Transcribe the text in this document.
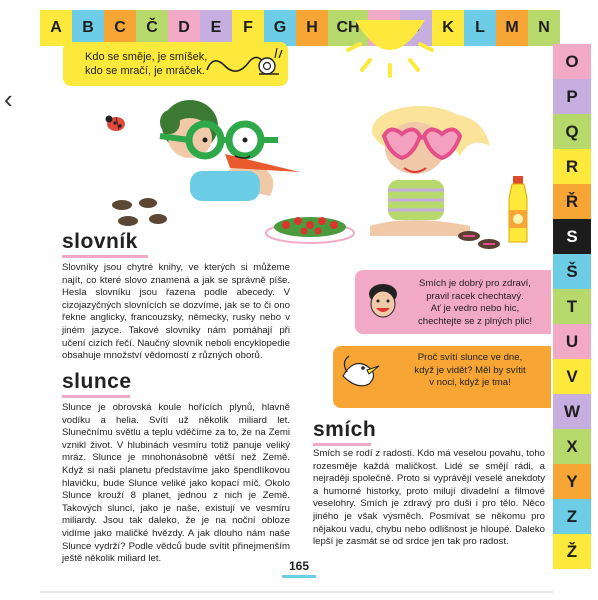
A	B	C	Č	D	E	F	G	H	CH	K	L	M	N
O
P
Q
R
Ř
S
Š
T
U
V
W
X
Y
Z
Ž
‹

Kdo se směje, je smíšek,

kdo se mračí, je mráček.

slovník
slunce
smích

Slovníky jsou chytré knihy, ve kterých si můžeme najít, co které slovo znamená a jak se správně píše. Hesla slovníku jsou řazena podle abecedy. V cizojazyčných slovnících se dozvíme, jak se to či ono řekne anglicky, francouzsky, německy, rusky nebo v jiném jazyce. Takové slovníky nám pomáhají při učení cizích řečí. Naučný slovník neboli encyklopedie obsahuje množství vědomostí z různých oborů.

Slunce je obrovská koule hořících plynů, hlavně vodíku a helia. Svítí už několik miliard let. Slunečnímu světlu a teplu vděčíme za to, že na Zemi vznikl život. V hlubinách vesmíru totiž panuje veliký mráz. Slunce je mnohonásobně větší než Země. Když si naši planetu představíme jako špendlíkovou hlavičku, bude Slunce veliké jako kopací míč. Okolo Slunce krouží 8 planet, jednou z nich je Země. Takových sluncí, jako je naše, existují ve vesmíru miliardy. Jsou tak daleko, že je na noční obloze vidíme jako maličké hvězdy. A jak dlouho nám naše Slunce vydrží? Podle vědců bude svítit přinejmenším ještě několik miliard let.

Smích se rodí z radosti. Kdo má veselou povahu, toho rozesměje každá maličkost. Lidé se smějí rádi, a nejraději společně. Proto si vyprávějí veselé anekdoty a humorné historky, proto milují divadelní a filmové veselohry. Smích je zdravý pro duši i pro tělo. Něco jiného je však výsměch. Posmívat se někomu pro nějakou vadu, chybu nebo odlišnost je hloupé. Daleko lepší je zasmát se od srdce jen tak pro radost.

Smích je dobrý pro zdraví,
pravil racek chechtavý.
Ať je vedro nebo hic,
chechtejte se z plných plic!
Proč svítí slunce ve dne,
když je vidět? Měl by svítit
v noci, když je tma!
165
